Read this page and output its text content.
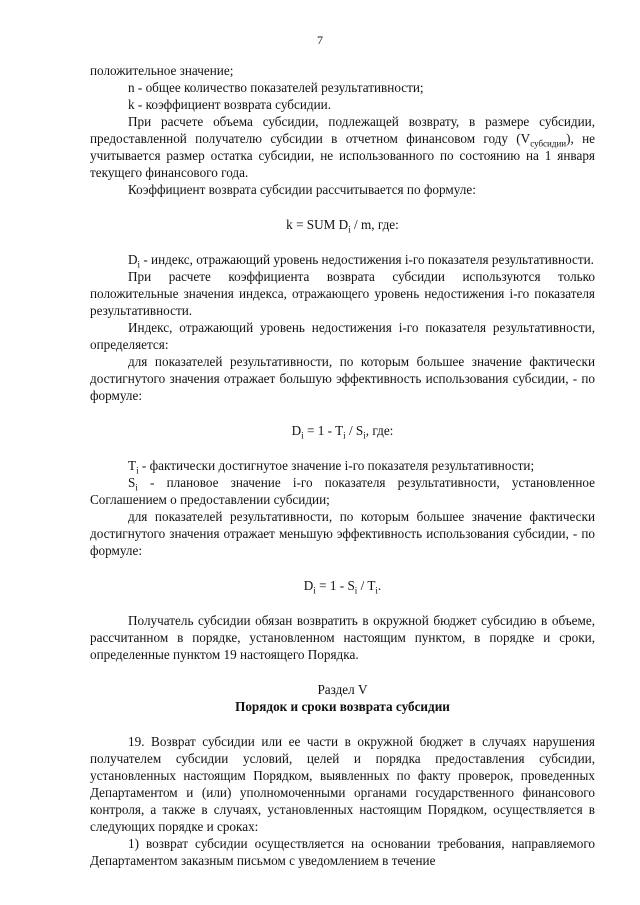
7

положительное значение;

n - общее количество показателей результативности;

k - коэффициент возврата субсидии.

При расчете объема субсидии, подлежащей возврату, в размере субсидии, предоставленной получателю субсидии в отчетном финансовом году $(V_{субсидии})$, не учитывается размер остатка субсидии, не использованного по состоянию на 1 января текущего финансового года.

Коэффициент возврата субсидии рассчитывается по формуле:

k = SUM $D_i$ / m, где:

$D_i$ - индекс, отражающий уровень недостижения i-го показателя результативности.

При расчете коэффициента возврата субсидии используются только положительные значения индекса, отражающего уровень недостижения i-го показателя результативности.

Индекс, отражающий уровень недостижения i-го показателя результативности, определяется:

для показателей результативности, по которым большее значение фактически достигнутого значения отражает большую эффективность использования субсидии, - по формуле:

$D_i = 1 - T_i / S_i$, где:

$T_i$ - фактически достигнутое значение i-го показателя результативности;

$S_i$ - плановое значение i-го показателя результативности, установленное Соглашением о предоставлении субсидии;

для показателей результативности, по которым большее значение фактически достигнутого значения отражает меньшую эффективность использования субсидии, - по формуле:

$D_i = 1 - S_i / T_i$.

Получатель субсидии обязан возвратить в окружной бюджет субсидию в объеме, рассчитанном в порядке, установленном настоящим пунктом, в порядке и сроки, определенные пунктом 19 настоящего Порядка.

Раздел V

Порядок и сроки возврата субсидии

19. Возврат субсидии или ее части в окружной бюджет в случаях нарушения получателем субсидии условий, целей и порядка предоставления субсидии, установленных настоящим Порядком, выявленных по факту проверок, проведенных Департаментом и (или) уполномоченными органами государственного финансового контроля, а также в случаях, установленных настоящим Порядком, осуществляется в следующих порядке и сроках:

1) возврат субсидии осуществляется на основании требования, направляемого Департаментом заказным письмом с уведомлением в течение
